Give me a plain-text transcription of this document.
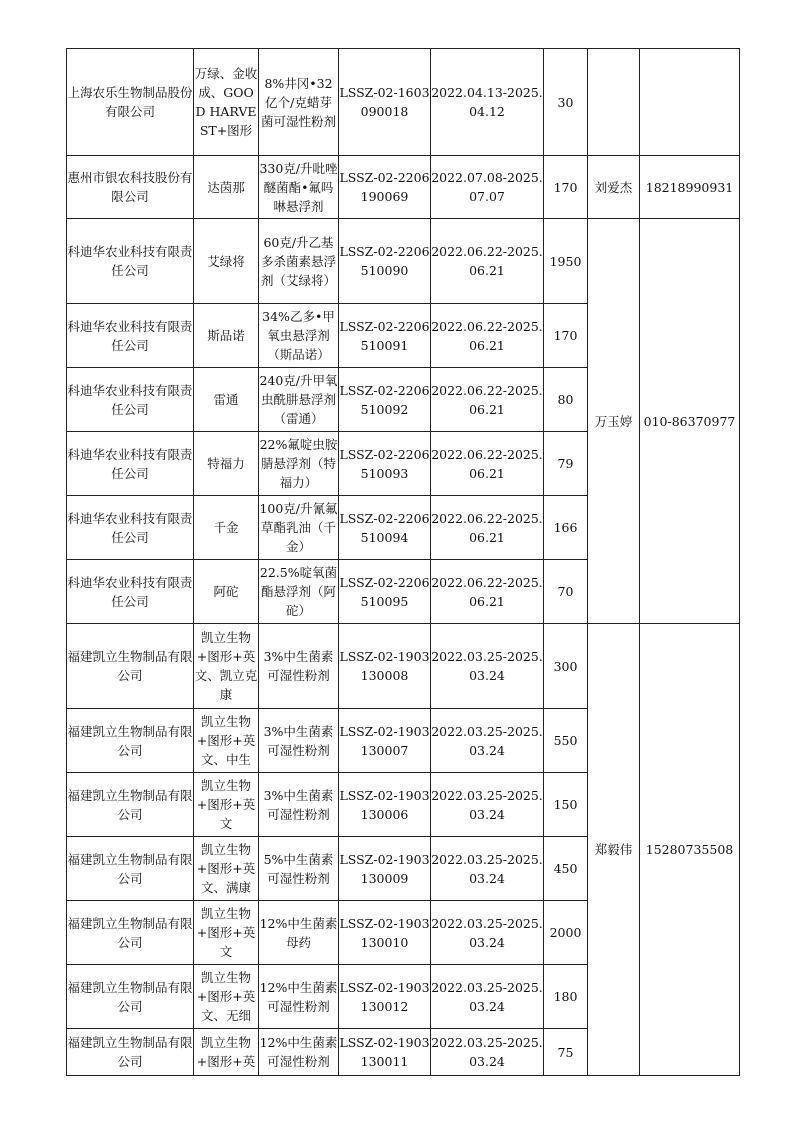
上海农乐生物制品股份有限公司	万绿、金收成、GOOD HARVEST+图形	8%井冈•32亿个/克蜡芽菌可湿性粉剂	LSSZ-02-1603090018	2022.04.13-2025.04.12	30		
惠州市银农科技股份有限公司	达茵那	330克/升吡唑醚菌酯•氟吗啉悬浮剂	LSSZ-02-2206190069	2022.07.08-2025.07.07	170	刘爱杰	18218990931
科迪华农业科技有限责任公司	艾绿将	60克/升乙基多杀菌素悬浮剂（艾绿将）	LSSZ-02-2206510090	2022.06.22-2025.06.21	1950	万玉婷	010-86370977
科迪华农业科技有限责任公司	斯品诺	34%乙多•甲氧虫悬浮剂（斯品诺）	LSSZ-02-2206510091	2022.06.22-2025.06.21	170		
科迪华农业科技有限责任公司	雷通	240克/升甲氧虫酰肼悬浮剂（雷通）	LSSZ-02-2206510092	2022.06.22-2025.06.21	80		
科迪华农业科技有限责任公司	特福力	22%氟啶虫胺腈悬浮剂（特福力）	LSSZ-02-2206510093	2022.06.22-2025.06.21	79		
科迪华农业科技有限责任公司	千金	100克/升氰氟草酯乳油（千金）	LSSZ-02-2206510094	2022.06.22-2025.06.21	166		
科迪华农业科技有限责任公司	阿砣	22.5%啶氧菌酯悬浮剂（阿砣）	LSSZ-02-2206510095	2022.06.22-2025.06.21	70		
福建凯立生物制品有限公司	凯立生物+图形+英文、凯立克康	3%中生菌素可湿性粉剂	LSSZ-02-1903130008	2022.03.25-2025.03.24	300	郑毅伟	15280735508
福建凯立生物制品有限公司	凯立生物+图形+英文、中生	3%中生菌素可湿性粉剂	LSSZ-02-1903130007	2022.03.25-2025.03.24	550		
福建凯立生物制品有限公司	凯立生物+图形+英文	3%中生菌素可湿性粉剂	LSSZ-02-1903130006	2022.03.25-2025.03.24	150		
福建凯立生物制品有限公司	凯立生物+图形+英文、满康	5%中生菌素可湿性粉剂	LSSZ-02-1903130009	2022.03.25-2025.03.24	450		
福建凯立生物制品有限公司	凯立生物+图形+英文	12%中生菌素母药	LSSZ-02-1903130010	2022.03.25-2025.03.24	2000		
福建凯立生物制品有限公司	凯立生物+图形+英文、无细	12%中生菌素可湿性粉剂	LSSZ-02-1903130012	2022.03.25-2025.03.24	180		
福建凯立生物制品有限公司	凯立生物+图形+英	12%中生菌素可湿性粉剂	LSSZ-02-1903130011	2022.03.25-2025.03.24	75		
